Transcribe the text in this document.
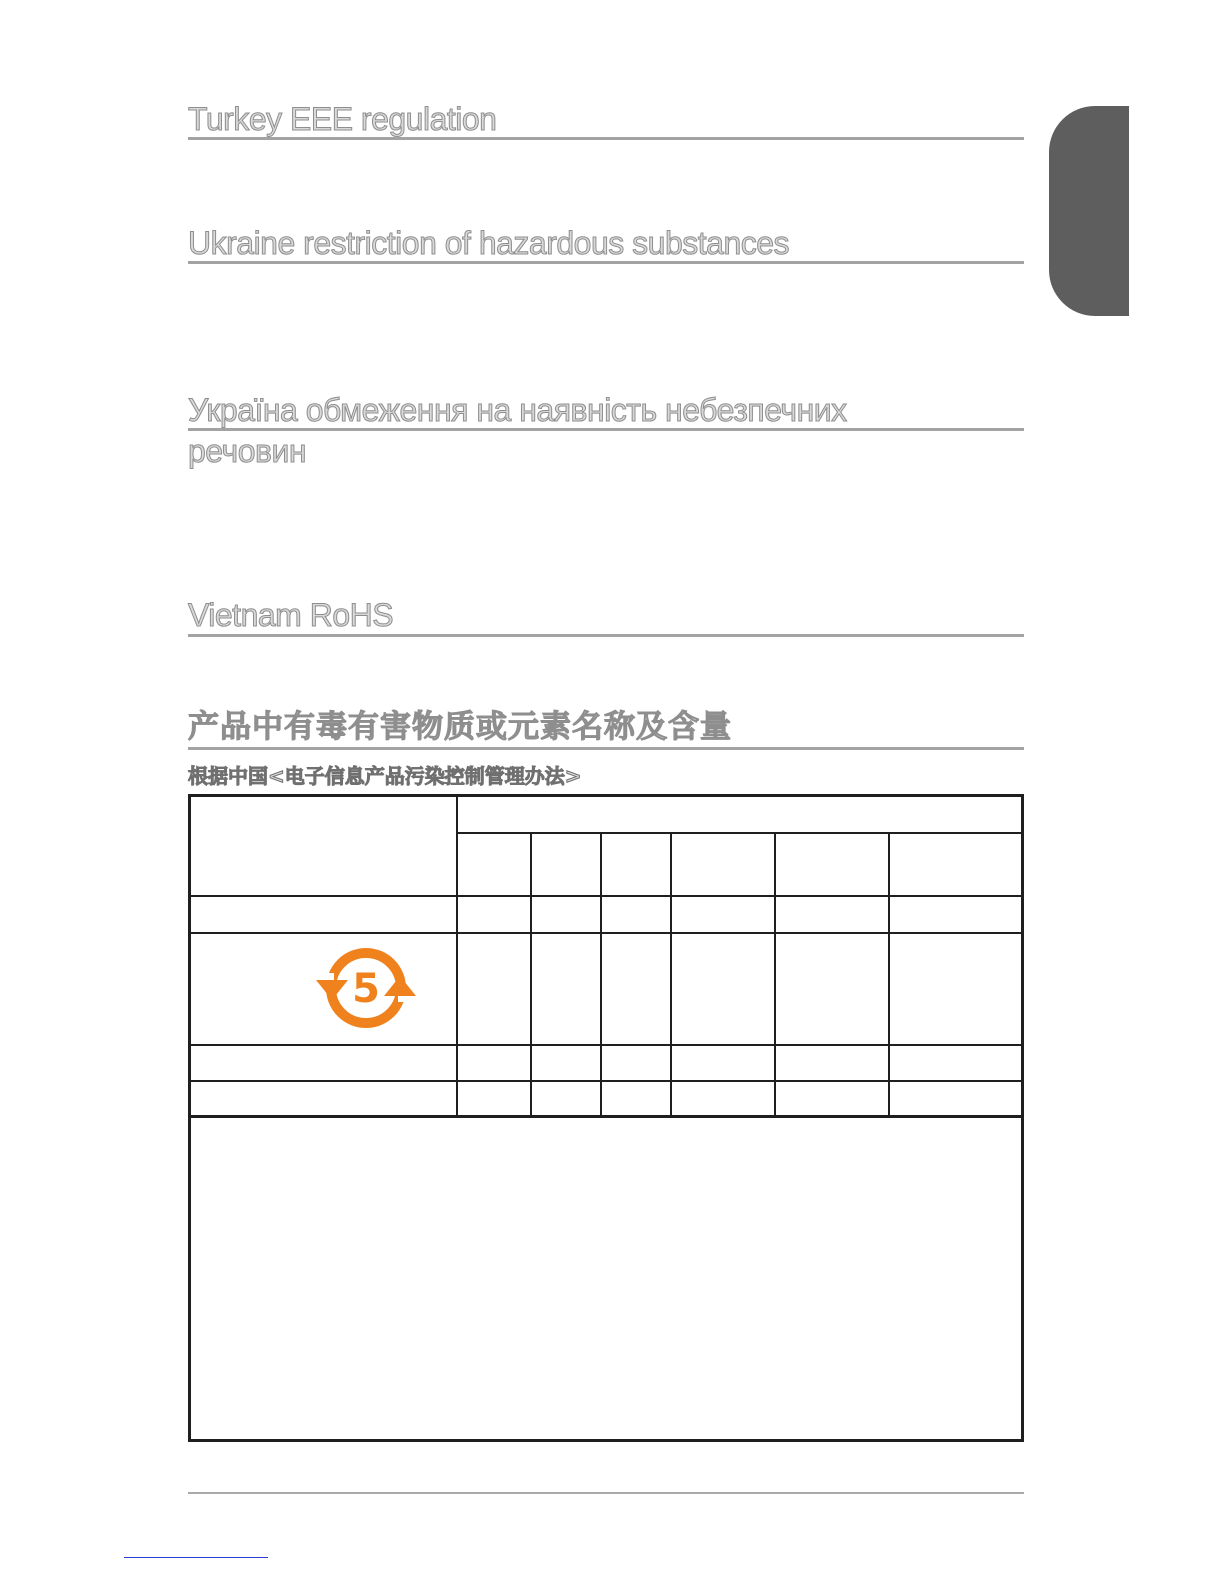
Turkey EEE regulation
Ukraine restriction of hazardous substances
Україна обмеження на наявність небезпечних
речовин
Vietnam RoHS
产品中有毒有害物质或元素名称及含量
根据中国<电子信息产品污染控制管理办法>
5
